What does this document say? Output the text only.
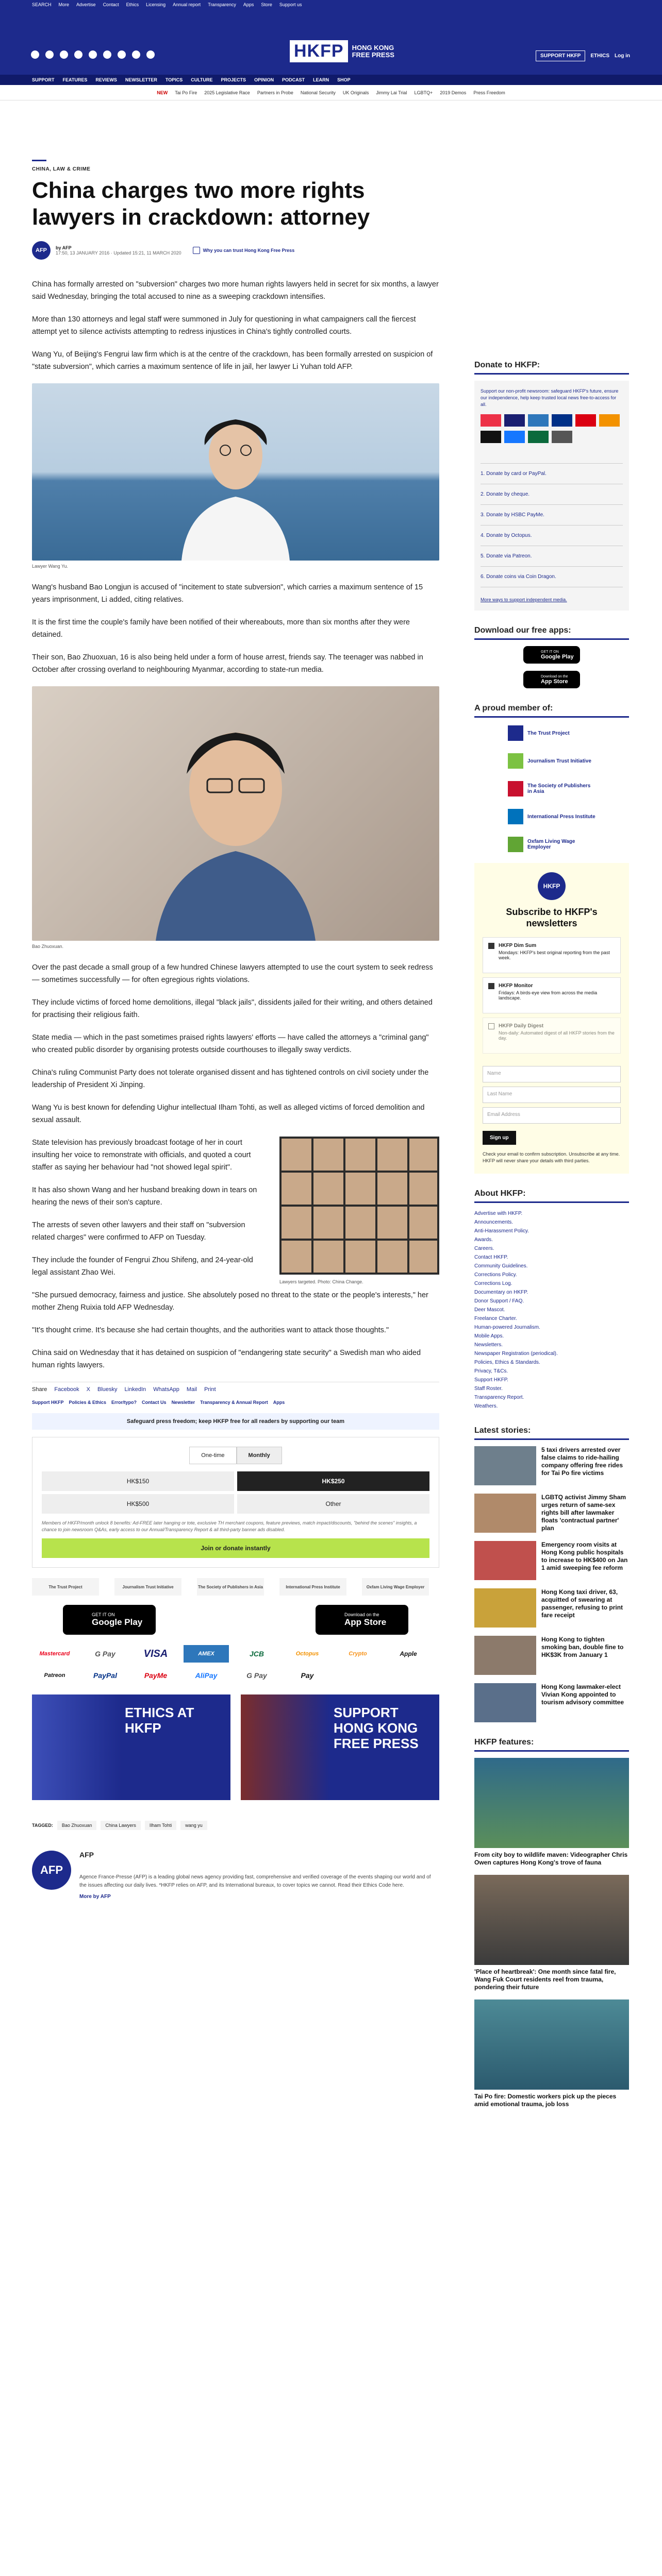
SEARCH More Advertise Contact Ethics Licensing Annual report Transparency Apps Store Support us
HKFP	HONG KONG
FREE PRESS	SUPPORT HKFP	ETHICS Log in
SUPPORT FEATURES REVIEWS NEWSLETTER TOPICS CULTURE PROJECTS OPINION PODCAST LEARN SHOP
NEW Tai Po Fire 2025 Legislative Race Partners in Probe National Security UK Originals Jimmy Lai Trial LGBTQ+ 2019 Demos Press Freedom
CHINA, LAW & CRIME
China charges two more rights lawyers in crackdown: attorney
AFP	by AFP
17:50, 13 JANUARY 2016 · Updated 15:21, 11 MARCH 2020	Why you can trust Hong Kong Free Press

China has formally arrested on "subversion" charges two more human rights lawyers held in secret for six months, a lawyer said Wednesday, bringing the total accused to nine as a sweeping crackdown intensifies.

More than 130 attorneys and legal staff were summoned in July for questioning in what campaigners call the fiercest attempt yet to silence activists attempting to redress injustices in China's tightly controlled courts.

Wang Yu, of Beijing's Fengrui law firm which is at the centre of the crackdown, has been formally arrested on suspicion of "state subversion", which carries a maximum sentence of life in jail, her lawyer Li Yuhan told AFP.

Lawyer Wang Yu.

Wang's husband Bao Longjun is accused of "incitement to state subversion", which carries a maximum sentence of 15 years imprisonment, Li added, citing relatives.

It is the first time the couple's family have been notified of their whereabouts, more than six months after they were detained.

Their son, Bao Zhuoxuan, 16 is also being held under a form of house arrest, friends say. The teenager was nabbed in October after crossing overland to neighbouring Myanmar, according to state-run media.

Bao Zhuoxuan.

Over the past decade a small group of a few hundred Chinese lawyers attempted to use the court system to seek redress — sometimes successfully — for often egregious rights violations.

They include victims of forced home demolitions, illegal "black jails", dissidents jailed for their writing, and others detained for practising their religious faith.

State media — which in the past sometimes praised rights lawyers' efforts — have called the attorneys a "criminal gang" who created public disorder by organising protests outside courthouses to illegally sway verdicts.

China's ruling Communist Party does not tolerate organised dissent and has tightened controls on civil society under the leadership of President Xi Jinping.

Wang Yu is best known for defending Uighur intellectual Ilham Tohti, as well as alleged victims of forced demolition and sexual assault.

Lawyers targeted. Photo: China Change.

State television has previously broadcast footage of her in court insulting her voice to remonstrate with officials, and quoted a court staffer as saying her behaviour had "not showed legal spirit".

It has also shown Wang and her husband breaking down in tears on hearing the news of their son's capture.

The arrests of seven other lawyers and their staff on "subversion related charges" were confirmed to AFP on Tuesday.

They include the founder of Fengrui Zhou Shifeng, and 24-year-old legal assistant Zhao Wei.

"She pursued democracy, fairness and justice. She absolutely posed no threat to the state or the people's interests," her mother Zheng Ruixia told AFP Wednesday.

"It's thought crime. It's because she had certain thoughts, and the authorities want to attack those thoughts."

China said on Wednesday that it has detained on suspicion of "endangering state security" a Swedish man who aided human rights lawyers.

Share Facebook X Bluesky LinkedIn WhatsApp Mail Print
Support HKFP Policies & Ethics Error/typo? Contact Us Newsletter Transparency & Annual Report Apps
Safeguard press freedom; keep HKFP free for all readers by supporting our team
One-time	Monthly
HK$150	HK$250
HK$500	Other
Members of HKFP/month unlock 8 benefits: Ad-FREE later hanging or tote, exclusive TH merchant coupons, feature previews, match impact/discounts, "behind the scenes" insights, a chance to join newsroom Q&As, early access to our Annual/Transparency Report & all third-party banner ads disabled.
Join or donate instantly
The Trust Project	Journalism Trust Initiative	The Society of Publishers in Asia	International Press Institute	Oxfam Living Wage Employer
GET IT ON
Google Play
Download on the
App Store
Mastercard	G Pay	VISA	AMEX	JCB	Octopus	Crypto	Apple
Patreon	PayPal	PayMe	AliPay	G Pay	Pay
ETHICS AT HKFP
SUPPORT HONG KONG FREE PRESS
TAGGED:	Bao Zhuoxuan	China Lawyers	Ilham Tohti	wang yu
AFP
AFP
Agence France-Presse (AFP) is a leading global news agency providing fast, comprehensive and verified coverage of the events shaping our world and of the issues affecting our daily lives. *HKFP relies on AFP, and its International bureaux, to cover topics we cannot. Read their Ethics Code here.
More by AFP
Donate to HKFP:

Support our non-profit newsroom: safeguard HKFP's future, ensure our independence, help keep trusted local news free-to-access for all.

1. Donate by card or PayPal.
2. Donate by cheque.
3. Donate by HSBC PayMe.
4. Donate by Octopus.
5. Donate via Patreon.
6. Donate coins via Coin Dragon.

More ways to support independent media.

Download our free apps:
GET IT ON
Google Play
Download on the
App Store
A proud member of:
The Trust Project
Journalism Trust Initiative
The Society of Publishers in Asia
International Press Institute
Oxfam Living Wage Employer
HKFP
Subscribe to HKFP's newsletters
HKFP Dim Sum
Mondays: HKFP's best original reporting from the past week.
HKFP Monitor
Fridays: A birds-eye view from across the media landscape.
HKFP Daily Digest
Non-daily: Automated digest of all HKFP stories from the day.
Name
Last Name
Email Address
Sign up
Check your email to confirm subscription. Unsubscribe at any time. HKFP will never share your details with third parties.
About HKFP:
Advertise with HKFP.
Announcements.
Anti-Harassment Policy.
Awards.
Careers.
Contact HKFP.
Community Guidelines.
Corrections Policy.
Corrections Log.
Documentary on HKFP.
Donor Support / FAQ.
Deer Mascot.
Freelance Charter.
Human-powered Journalism.
Mobile Apps.
Newsletters.
Newspaper Registration (periodical).
Policies, Ethics & Standards.
Privacy, T&Cs.
Support HKFP.
Staff Roster.
Transparency Report.
Weathers.
Latest stories:
5 taxi drivers arrested over false claims to ride-hailing company offering free rides for Tai Po fire victims
LGBTQ activist Jimmy Sham urges return of same-sex rights bill after lawmaker floats 'contractual partner' plan
Emergency room visits at Hong Kong public hospitals to increase to HK$400 on Jan 1 amid sweeping fee reform
Hong Kong taxi driver, 63, acquitted of swearing at passenger, refusing to print fare receipt
Hong Kong to tighten smoking ban, double fine to HK$3K from January 1
Hong Kong lawmaker-elect Vivian Kong appointed to tourism advisory committee
HKFP features:
From city boy to wildlife maven: Videographer Chris Owen captures Hong Kong's trove of fauna
'Place of heartbreak': One month since fatal fire, Wang Fuk Court residents reel from trauma, pondering their future
Tai Po fire: Domestic workers pick up the pieces amid emotional trauma, job loss
